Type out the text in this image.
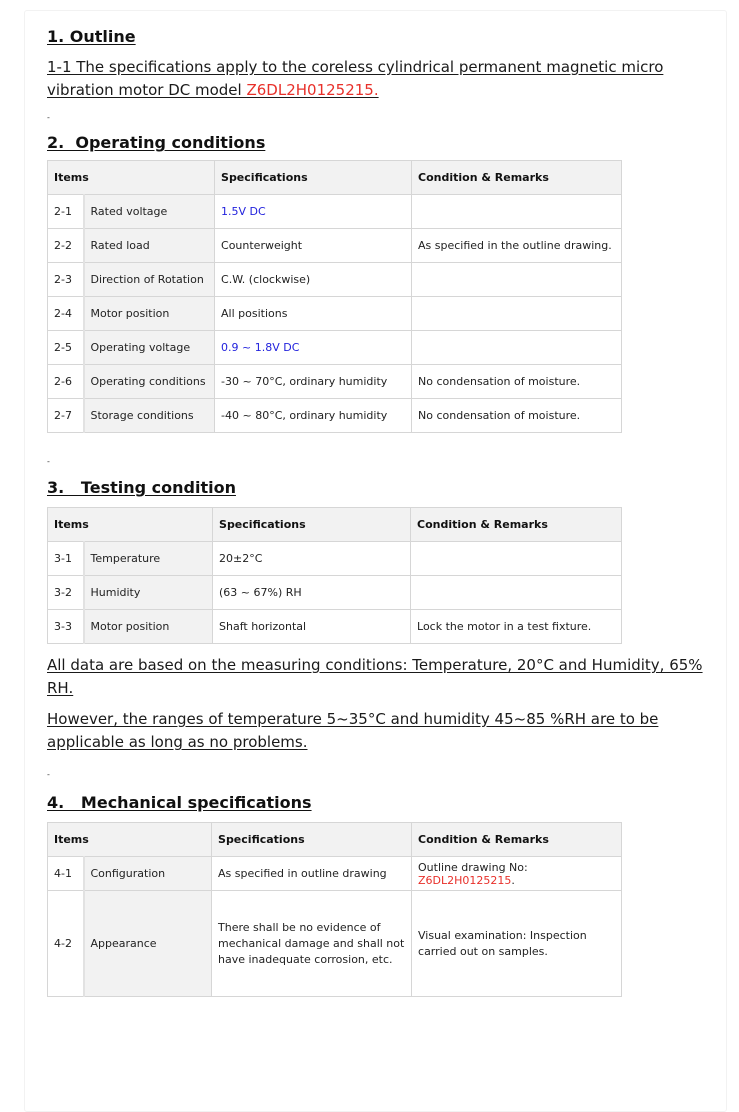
1. Outline

1-1 The specifications apply to the coreless cylindrical permanent magnetic micro vibration motor DC model Z6DL2H0125215.

-
2.  Operating conditions
Items		Specifications	Condition & Remarks
2-1	Rated voltage	1.5V DC	
2-2	Rated load	Counterweight	As specified in the outline drawing.
2-3	Direction of Rotation	C.W. (clockwise)	
2-4	Motor position	All positions	
2-5	Operating voltage	0.9 ~ 1.8V DC	
2-6	Operating conditions	-30 ~ 70°C, ordinary humidity	No condensation of moisture.
2-7	Storage conditions	-40 ~ 80°C, ordinary humidity	No condensation of moisture.
-
3.   Testing condition
Items		Specifications	Condition & Remarks
3-1	Temperature	20±2°C	
3-2	Humidity	(63 ~ 67%) RH	
3-3	Motor position	Shaft horizontal	Lock the motor in a test fixture.

All data are based on the measuring conditions: Temperature, 20°C and Humidity, 65% RH.

However, the ranges of temperature 5~35°C and humidity 45~85 %RH are to be applicable as long as no problems.

-
4.   Mechanical specifications
Items		Specifications	Condition & Remarks
4-1	Configuration	As specified in outline drawing	Outline drawing No: Z6DL2H0125215.
4-2	Appearance	There shall be no evidence of mechanical damage and shall not have inadequate corrosion, etc.	Visual examination: Inspection carried out on samples.
